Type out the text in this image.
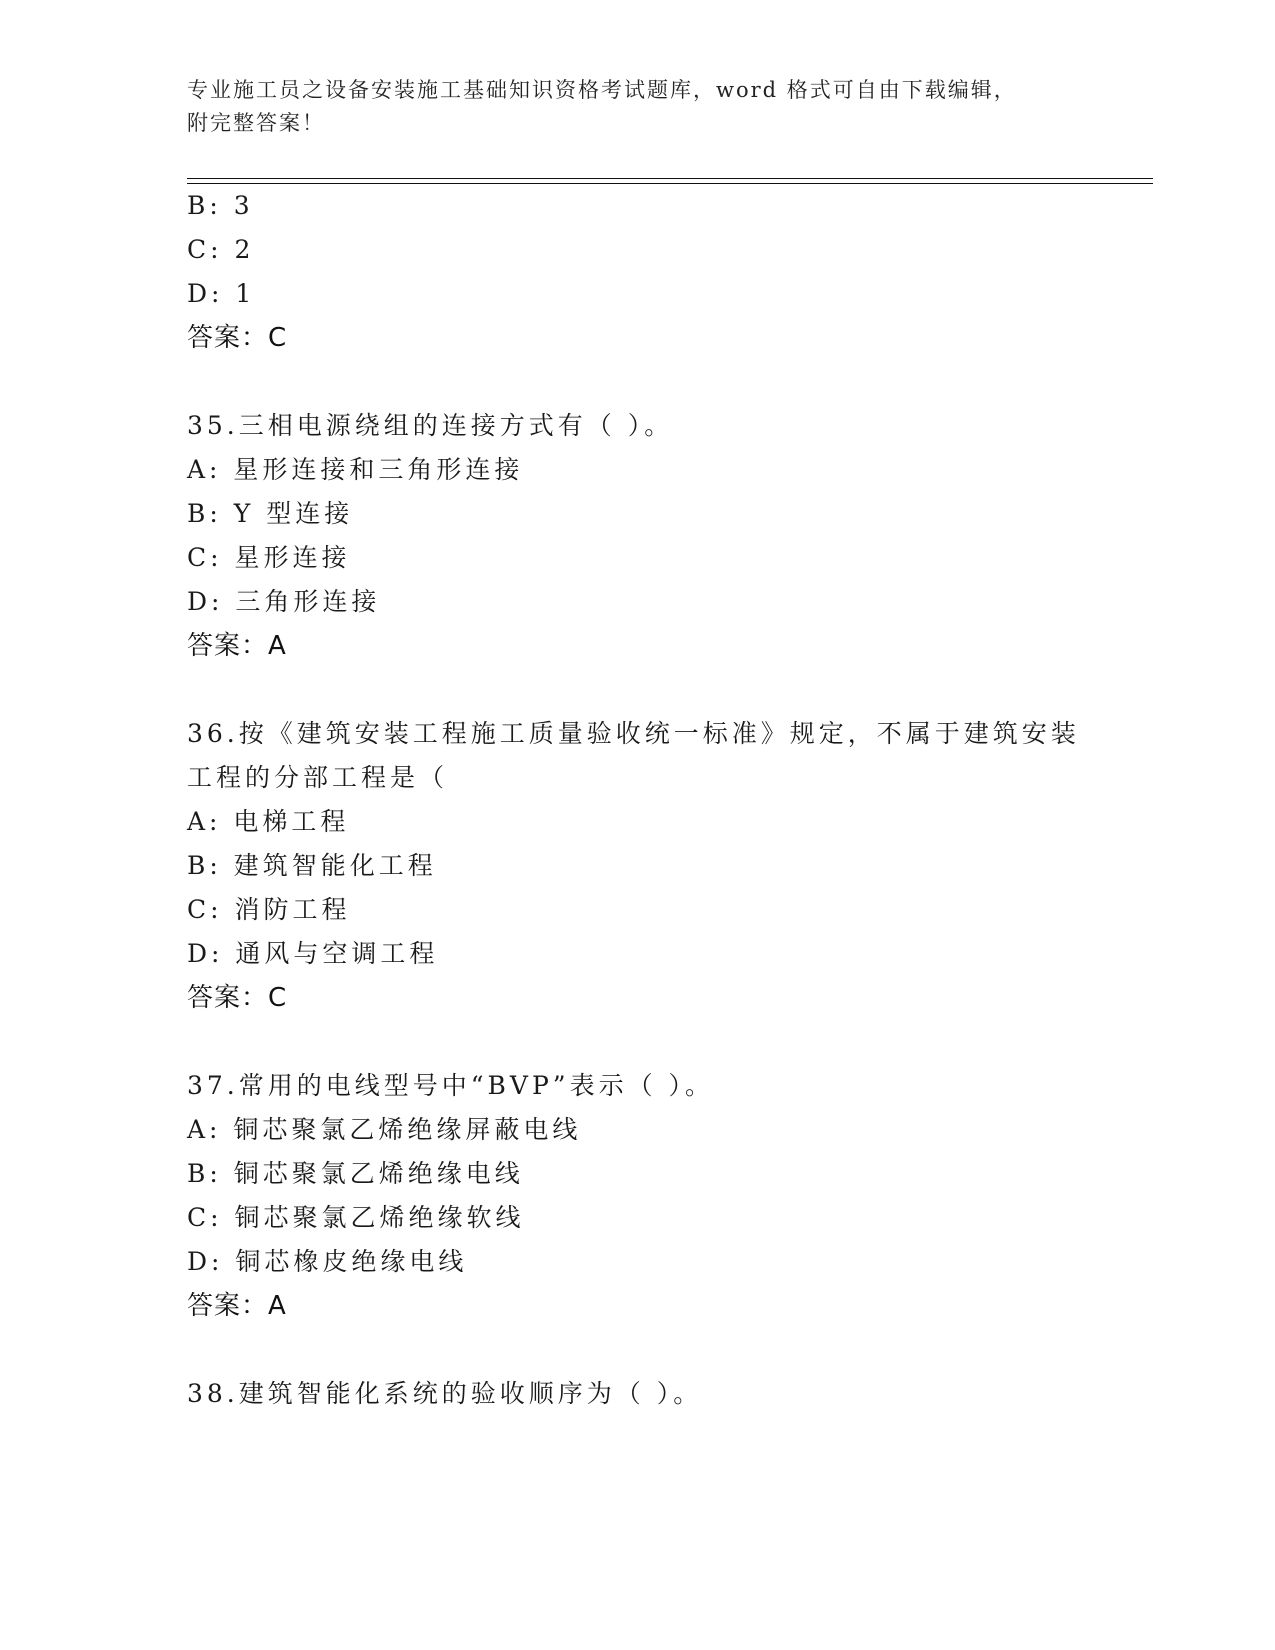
专业施工员之设备安装施工基础知识资格考试题库，word 格式可自由下载编辑，
附完整答案！
B: 3
C: 2
D: 1
答案：C
35.三相电源绕组的连接方式有（ ）。
A: 星形连接和三角形连接
B: Y 型连接
C: 星形连接
D: 三角形连接
答案：A
36.按《建筑安装工程施工质量验收统一标准》规定，不属于建筑安装
工程的分部工程是（
A: 电梯工程
B: 建筑智能化工程
C: 消防工程
D: 通风与空调工程
答案：C
37.常用的电线型号中“BVP”表示（ ）。
A: 铜芯聚氯乙烯绝缘屏蔽电线
B: 铜芯聚氯乙烯绝缘电线
C: 铜芯聚氯乙烯绝缘软线
D: 铜芯橡皮绝缘电线
答案：A
38.建筑智能化系统的验收顺序为（ ）。
